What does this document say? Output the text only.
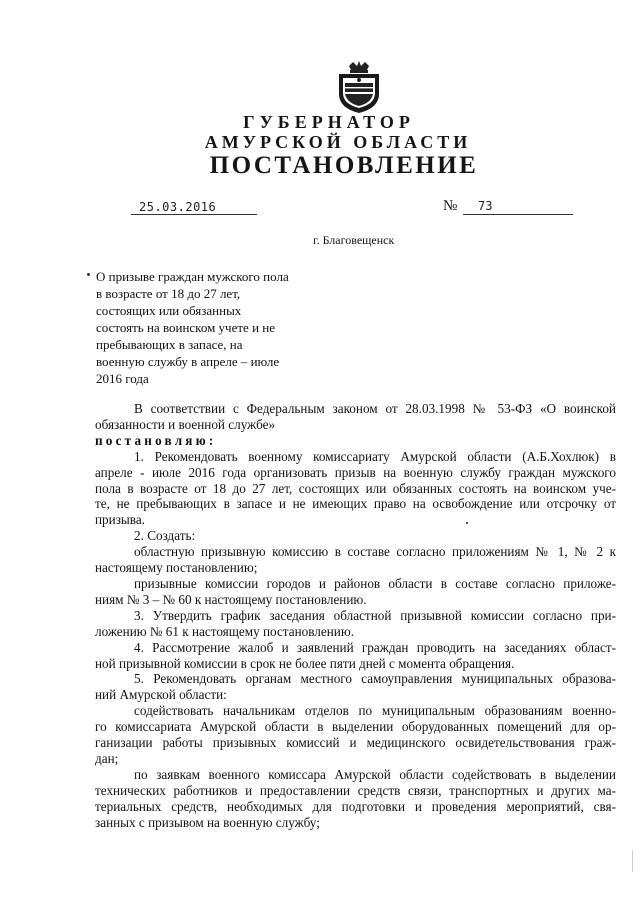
ГУБЕРНАТОР
АМУРСКОЙ ОБЛАСТИ
ПОСТАНОВЛЕНИЕ
25.03.2016	№ 73
г. Благовещенск
О призыве граждан мужского пола
в возрасте от 18 до 27 лет,
состоящих или обязанных
состоять на воинском учете и не
пребывающих в запасе, на
военную службу в апреле – июле
2016 года
В соответствии с Федеральным законом от 28.03.1998 № 53-ФЗ «О воинской
обязанности и военной службе»
постановляю:
1. Рекомендовать военному комиссариату Амурской области (А.Б.Хохлюк) в
апреле - июле 2016 года организовать призыв на военную службу граждан мужского
пола в возрасте от 18 до 27 лет, состоящих или обязанных состоять на воинском уче-
те, не пребывающих в запасе и не имеющих право на освобождение или отсрочку от
призыва.
2. Создать:
областную призывную комиссию в составе согласно приложениям № 1, № 2 к
настоящему постановлению;
призывные комиссии городов и районов области в составе согласно приложе-
ниям № 3 – № 60 к настоящему постановлению.
3. Утвердить график заседания областной призывной комиссии согласно при-
ложению № 61 к настоящему постановлению.
4. Рассмотрение жалоб и заявлений граждан проводить на заседаниях област-
ной призывной комиссии в срок не более пяти дней с момента обращения.
5. Рекомендовать органам местного самоуправления муниципальных образова-
ний Амурской области:
содействовать начальникам отделов по муниципальным образованиям военно-
го комиссариата Амурской области в выделении оборудованных помещений для ор-
ганизации работы призывных комиссий и медицинского освидетельствования граж-
дан;
по заявкам военного комиссара Амурской области содействовать в выделении
технических работников и предоставлении средств связи, транспортных и других ма-
териальных средств, необходимых для подготовки и проведения мероприятий, свя-
занных с призывом на военную службу;
